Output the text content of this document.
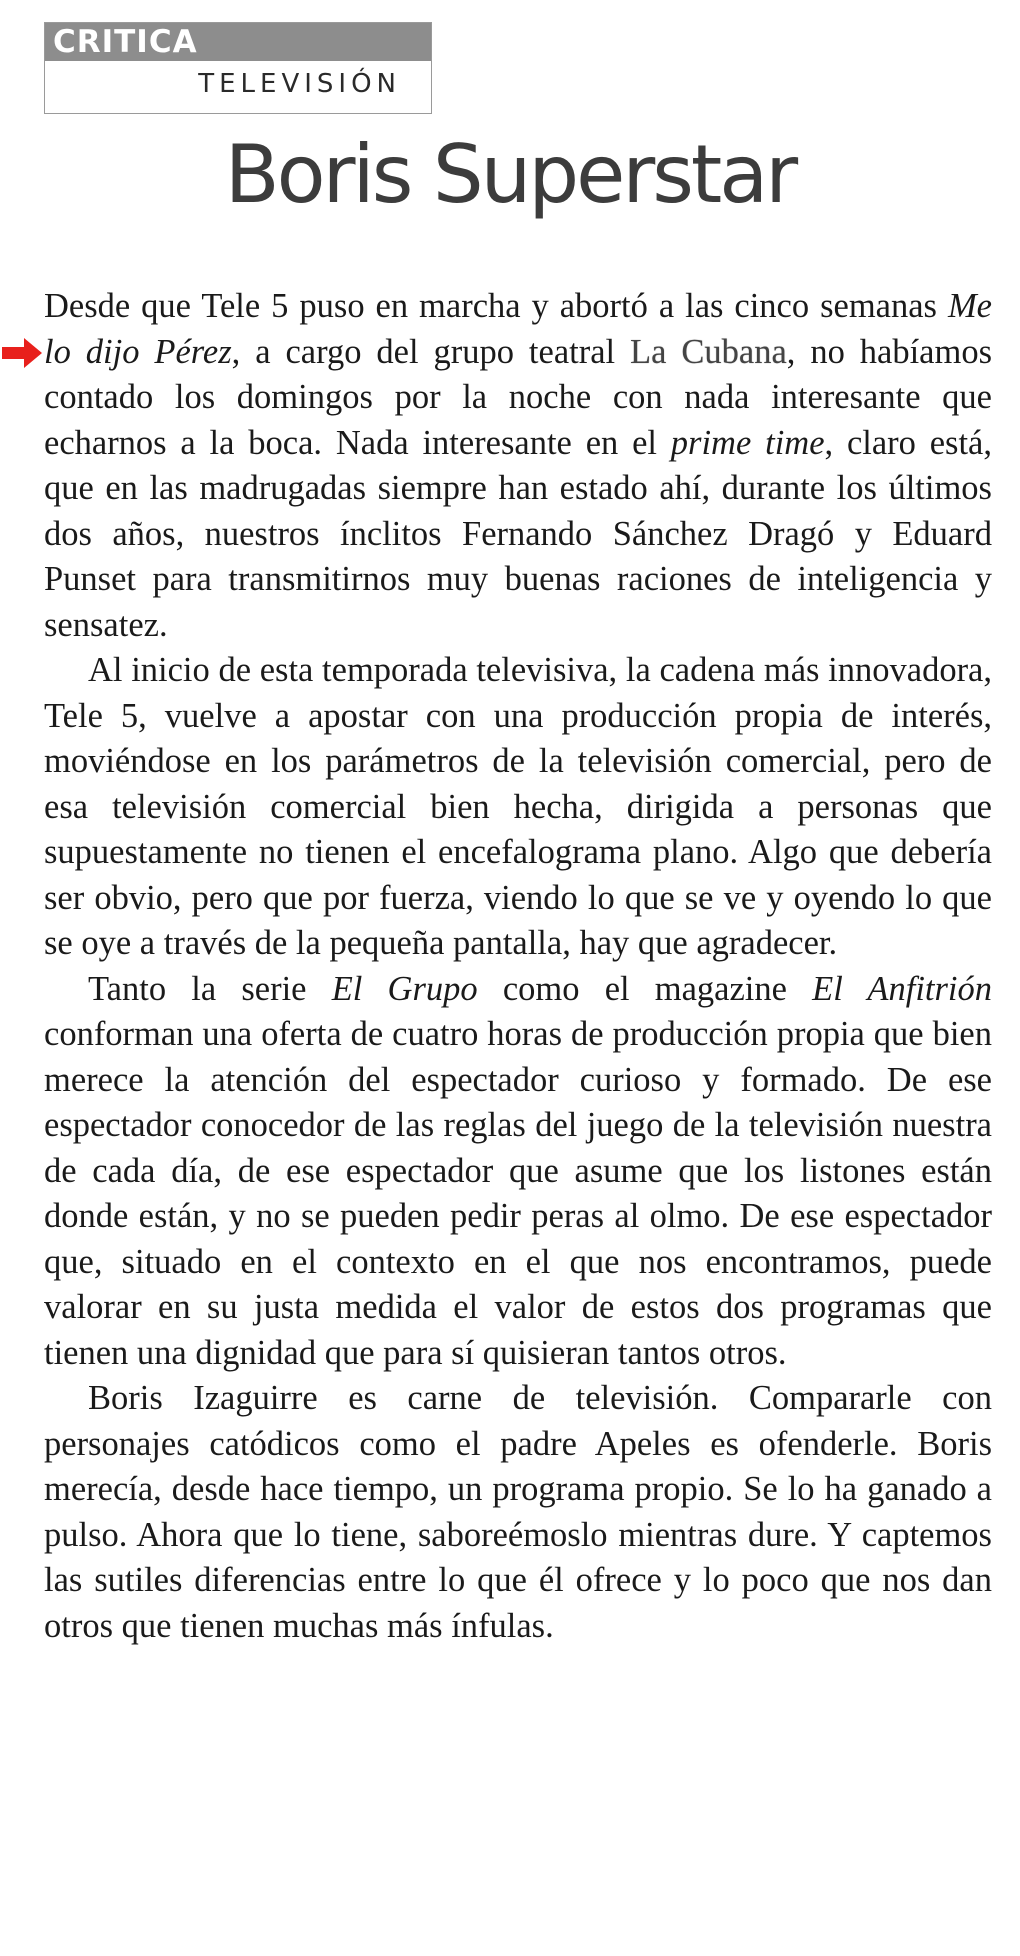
CRITICA
TELEVISIÓN
Boris Superstar

Desde que Tele 5 puso en marcha y abortó a las cinco semanas Me lo dijo Pérez, a cargo del grupo teatral La Cubana, no habíamos contado los domingos por la noche con nada interesante que echarnos a la boca. Nada interesante en el prime time, claro está, que en las madrugadas siempre han estado ahí, durante los últimos dos años, nuestros ínclitos Fernando Sánchez Dragó y Eduard Punset para transmitirnos muy buenas raciones de inteligencia y sensatez.

Al inicio de esta temporada televisiva, la cadena más innovadora, Tele 5, vuelve a apostar con una producción propia de interés, moviéndose en los parámetros de la televisión comercial, pero de esa televisión comercial bien hecha, dirigida a personas que supuestamente no tienen el encefalograma plano. Algo que debería ser obvio, pero que por fuerza, viendo lo que se ve y oyendo lo que se oye a través de la pequeña pantalla, hay que agradecer.

Tanto la serie El Grupo como el magazine El Anfitrión conforman una oferta de cuatro horas de producción propia que bien merece la atención del espectador curioso y formado. De ese espectador conocedor de las reglas del juego de la televisión nuestra de cada día, de ese espectador que asume que los listones están donde están, y no se pueden pedir peras al olmo. De ese espectador que, situado en el contexto en el que nos encontramos, puede valorar en su justa medida el valor de estos dos programas que tienen una dignidad que para sí quisieran tantos otros.

Boris Izaguirre es carne de televisión. Compararle con personajes catódicos como el padre Apeles es ofenderle. Boris merecía, desde hace tiempo, un programa propio. Se lo ha ganado a pulso. Ahora que lo tiene, saboreémoslo mientras dure. Y captemos las sutiles diferencias entre lo que él ofrece y lo poco que nos dan otros que tienen muchas más ínfulas.
